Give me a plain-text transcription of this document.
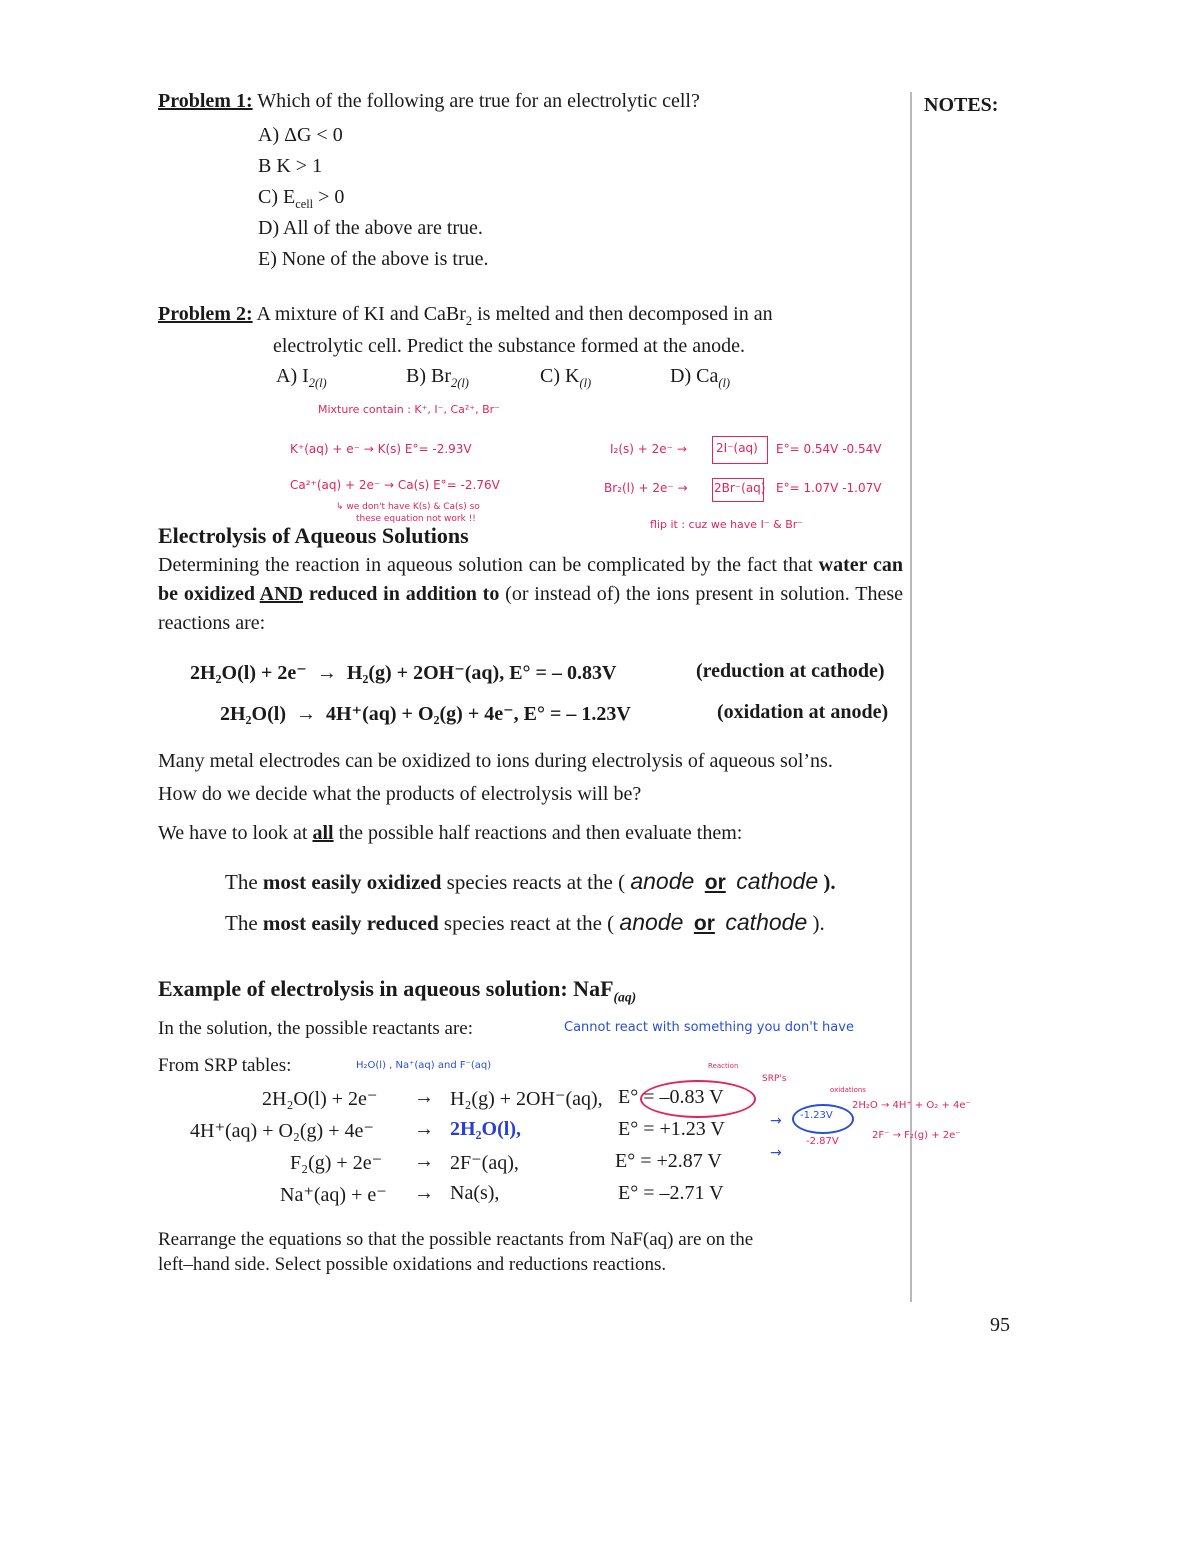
NOTES:
Problem 1: Which of the following are true for an electrolytic cell?
A) ΔG < 0
B K > 1
C) $E_{cell} > 0$
D) All of the above are true.
E) None of the above is true.
Problem 2: A mixture of KI and CaBr$_2$ is melted and then decomposed in an
electrolytic cell. Predict the substance formed at the anode.
A) $I_{2(l)}$	B) $Br_{2(l)}$	C) $K_{(l)}$	D) $Ca_{(l)}$
Mixture contain : K⁺, I⁻, Ca²⁺, Br⁻
K⁺(aq) + e⁻ → K(s) E°= -2.93V
Ca²⁺(aq) + 2e⁻ → Ca(s) E°= -2.76V
↳ we don't have K(s) & Ca(s) so
these equation not work !!
I₂(s) + 2e⁻ → 2I⁻(aq) E°= 0.54V -0.54V
Br₂(l) + 2e⁻ → 2Br⁻(aq) E°= 1.07V -1.07V
flip it : cuz we have I⁻ & Br⁻
Electrolysis of Aqueous Solutions
Determining the reaction in aqueous solution can be complicated by the fact that water can be oxidized AND reduced in addition to (or instead of) the ions present in solution. These reactions are:
2H₂O(l) + 2e⁻ → H₂(g) + 2OH⁻(aq), E° = – 0.83V	(reduction at cathode)
2H₂O(l) → 4H⁺(aq) + O₂(g) + 4e⁻, E° = – 1.23V	(oxidation at anode)
Many metal electrodes can be oxidized to ions during electrolysis of aqueous sol’ns.
How do we decide what the products of electrolysis will be?
We have to look at all the possible half reactions and then evaluate them:
The most easily oxidized species reacts at the ( anode or cathode ).
The most easily reduced species react at the ( anode or cathode ).
Example of electrolysis in aqueous solution: NaF$_{(aq)}$
In the solution, the possible reactants are:	Cannot react with something you don't have
From SRP tables:	H₂O(l) , Na⁺(aq) and F⁻(aq)	Reaction
SRP's
oxidations
2H₂O(l) + 2e⁻ → H₂(g) + 2OH⁻(aq), E° = –0.83 V
4H⁺(aq) + O₂(g) + 4e⁻ → 2H₂O(l),	E° = +1.23 V
F₂(g) + 2e⁻ → 2F⁻(aq),	E° = +2.87 V
Na⁺(aq) + e⁻ → Na(s),	E° = –2.71 V
→ -1.23V
2H₂O → 4H⁺ + O₂ + 4e⁻
→
-2.87V
2F⁻ → F₂(g) + 2e⁻
Rearrange the equations so that the possible reactants from NaF(aq) are on the
left–hand side. Select possible oxidations and reductions reactions.
95
